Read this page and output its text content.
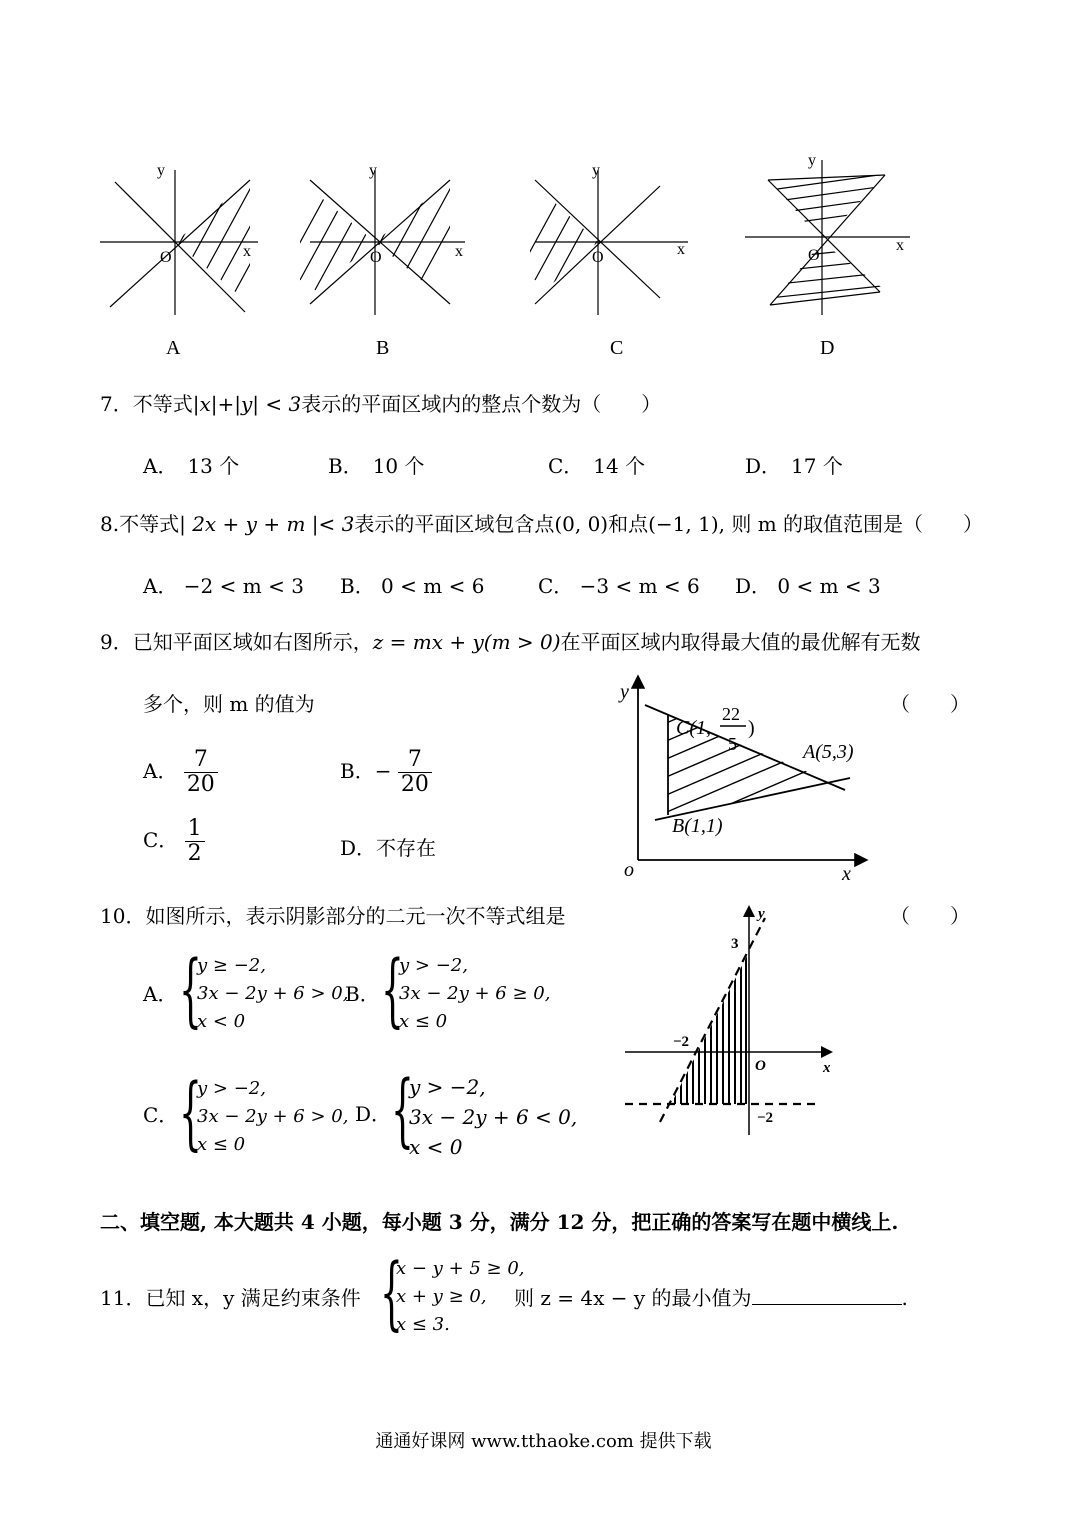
y
x
O
y
x
O
y
x
O
y
x
O
A	B	C	D
7．不等式|x|+|y| < 3表示的平面区域内的整点个数为（　　）
A．　13 个	B．　10 个	C．　14 个	D．　17 个
8.不等式| 2x + y + m |< 3表示的平面区域包含点(0, 0)和点(−1, 1), 则 m 的取值范围是（　　）
A． −2 < m < 3 B． 0 < m < 6	C． −3 < m < 6 D． 0 < m < 3
9．已知平面区域如右图所示，z = mx + y(m > 0)在平面区域内取得最大值的最优解有无数
多个，则 m 的值为	（　　）
A． $\frac{7}{20}$	B．− $\frac{7}{20}$
C． $\frac{1}{2}$	D．不存在
y
x
o
C(1,
22
5
)
A(5,3)
B(1,1)
10．如图所示，表示阴影部分的二元一次不等式组是	（　　）
A． {
y ≥ −2,
3x − 2y + 6 > 0,
x < 0
B． {
y > −2,
3x − 2y + 6 ≥ 0,
x ≤ 0
C． {
y > −2,
3x − 2y + 6 > 0,
x ≤ 0
D． {
y > −2,
3x − 2y + 6 < 0,
x < 0
y
x
O
3
−2
−2
二、填空题, 本大题共 4 小题，每小题 3 分，满分 12 分，把正确的答案写在题中横线上.
11．已知 x，y 满足约束条件 {
x − y + 5 ≥ 0,
x + y ≥ 0,
x ≤ 3.
则 z = 4x − y 的最小值为	.
通通好课网 www.tthaoke.com 提供下载
